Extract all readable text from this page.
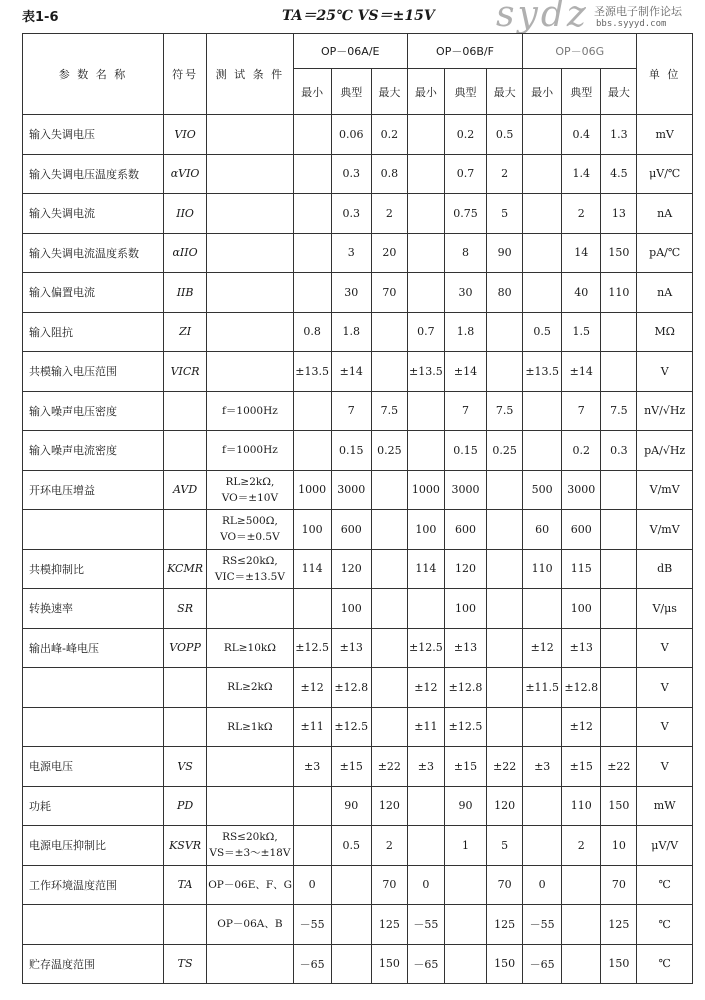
表1-6	TA＝25℃ VS＝±15V sydz 圣源电子制作论坛
bbs.syyyd.com
参 数 名 称	符号	测 试 条 件	OP－06A/E			OP－06B/F			OP－06G			单 位
			最小	典型	最大	最小	典型	最大	最小	典型	最大	
输入失调电压	VIO			0.06	0.2		0.2	0.5		0.4	1.3	mV
输入失调电压温度系数	αVIO			0.3	0.8		0.7	2		1.4	4.5	μV/℃
输入失调电流	IIO			0.3	2		0.75	5		2	13	nA
输入失调电流温度系数	αIIO			3	20		8	90		14	150	pA/℃
输入偏置电流	IIB			30	70		30	80		40	110	nA
输入阻抗	ZI		0.8	1.8		0.7	1.8		0.5	1.5		MΩ
共模输入电压范围	VICR		±13.5	±14		±13.5	±14		±13.5	±14		V
输入噪声电压密度		f＝1000Hz		7	7.5		7	7.5		7	7.5	nV/√Hz
输入噪声电流密度		f＝1000Hz		0.15	0.25		0.15	0.25		0.2	0.3	pA/√Hz
开环电压增益	AVD	RL≥2kΩ,
VO＝±10V	1000	3000		1000	3000		500	3000		V/mV

		RL≥500Ω,
VO＝±0.5V	100	600		100	600		60	600		V/mV
共模抑制比	KCMR	RS≤20kΩ,
VIC＝±13.5V	114	120		114	120		110	115		dB
转换速率	SR			100			100			100		V/μs
输出峰-峰电压	VOPP	RL≥10kΩ	±12.5	±13		±12.5	±13		±12	±13		V

		RL≥2kΩ	±12	±12.8		±12	±12.8		±11.5	±12.8		V

		RL≥1kΩ	±11	±12.5		±11	±12.5			±12		V
电源电压	VS		±3	±15	±22	±3	±15	±22	±3	±15	±22	V
功耗	PD			90	120		90	120		110	150	mW
电源电压抑制比	KSVR	RS≤20kΩ,
VS＝±3～±18V		0.5	2		1	5		2	10	μV/V
工作环境温度范围	TA	OP－06E、F、G	0		70	0		70	0		70	℃

		OP－06A、B	－55		125	－55		125	－55		125	℃
贮存温度范围	TS		－65		150	－65		150	－65		150	℃
